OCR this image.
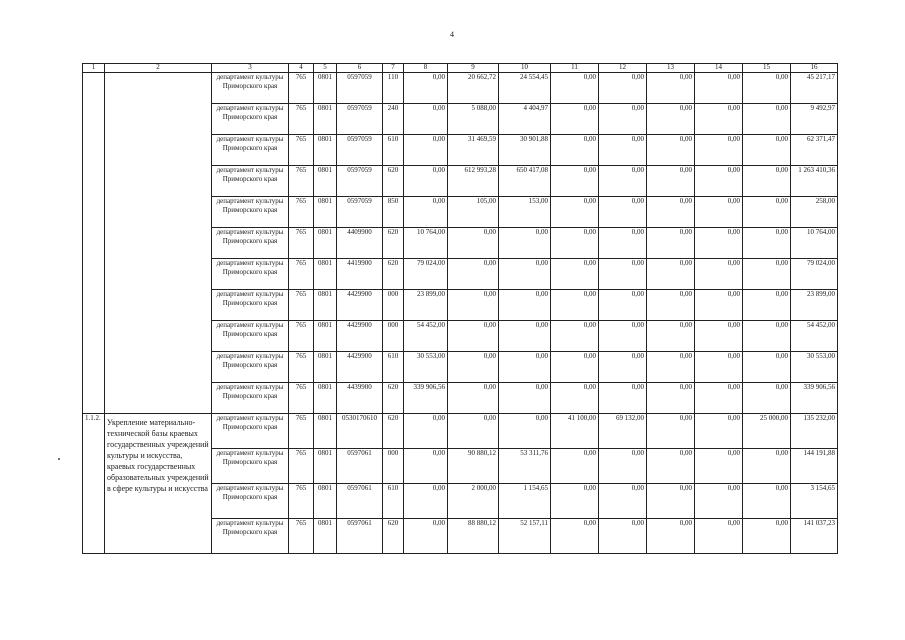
4
1	2	3	4	5	6	7	8	9	10	11	12	13	14	15	16
		департамент культуры Приморского края	765	0801	0597059	110	0,00	20 662,72	24 554,45	0,00	0,00	0,00	0,00	0,00	45 217,17
		департамент культуры Приморского края	765	0801	0597059	240	0,00	5 088,00	4 404,97	0,00	0,00	0,00	0,00	0,00	9 492,97
		департамент культуры Приморского края	765	0801	0597059	610	0,00	31 469,59	30 901,88	0,00	0,00	0,00	0,00	0,00	62 371,47
		департамент культуры Приморского края	765	0801	0597059	620	0,00	612 993,28	650 417,08	0,00	0,00	0,00	0,00	0,00	1 263 410,36
		департамент культуры Приморского края	765	0801	0597059	850	0,00	105,00	153,00	0,00	0,00	0,00	0,00	0,00	258,00
		департамент культуры Приморского края	765	0801	4409900	620	10 764,00	0,00	0,00	0,00	0,00	0,00	0,00	0,00	10 764,00
		департамент культуры Приморского края	765	0801	4419900	620	79 024,00	0,00	0,00	0,00	0,00	0,00	0,00	0,00	79 024,00
		департамент культуры Приморского края	765	0801	4429900	000	23 899,00	0,00	0,00	0,00	0,00	0,00	0,00	0,00	23 899,00
		департамент культуры Приморского края	765	0801	4429900	000	54 452,00	0,00	0,00	0,00	0,00	0,00	0,00	0,00	54 452,00
		департамент культуры Приморского края	765	0801	4429900	610	30 553,00	0,00	0,00	0,00	0,00	0,00	0,00	0,00	30 553,00
		департамент культуры Приморского края	765	0801	4439900	620	339 906,56	0,00	0,00	0,00	0,00	0,00	0,00	0,00	339 906,56
1.1.2.	Укрепление материально-технической базы краевых государственных учреждений культуры и искусства, краевых государственных образовательных учреждений в сфере культуры и искусства	департамент культуры Приморского края	765	0801	0530170610	620	0,00	0,00	0,00	41 100,00	69 132,00	0,00	0,00	25 000,00	135 232,00
		департамент культуры Приморского края	765	0801	0597061	000	0,00	90 880,12	53 311,76	0,00	0,00	0,00	0,00	0,00	144 191,88
		департамент культуры Приморского края	765	0801	0597061	610	0,00	2 000,00	1 154,65	0,00	0,00	0,00	0,00	0,00	3 154,65
		департамент культуры Приморского края	765	0801	0597061	620	0,00	88 880,12	52 157,11	0,00	0,00	0,00	0,00	0,00	141 037,23
